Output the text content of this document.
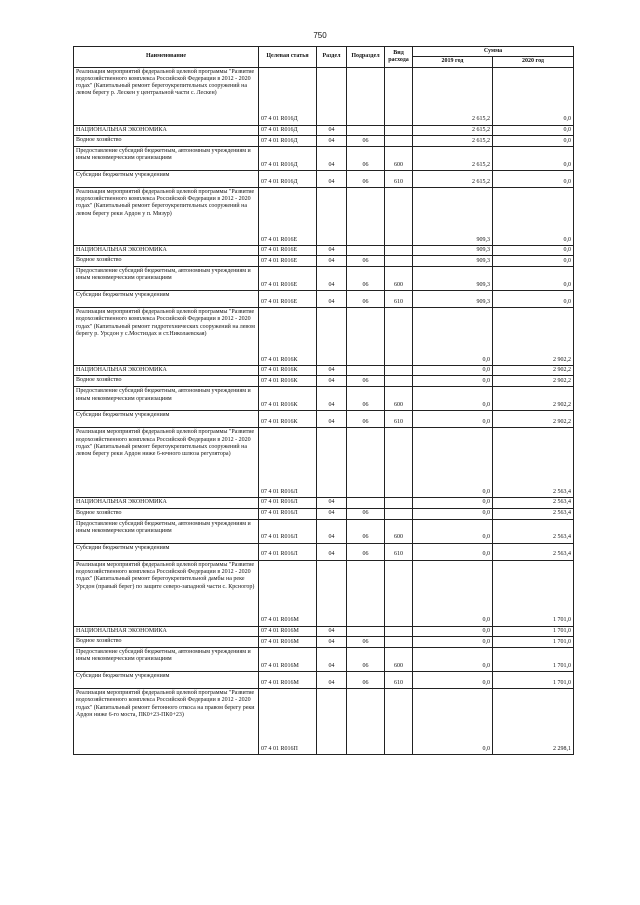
750
Наименование	Целевая статья	Раздел	Подраздел	Вид расхода	Сумма	
					2019 год	2020 год
Реализация мероприятий федеральной целевой программы "Развитие водохозяйственного комплекса Российской Федерации в 2012 - 2020 годах" (Капитальный ремонт берегоукрепительных сооружений на левом берегу р. Лескен у центральной части с. Лескен)	07 4 01 R016Д				2 615,2	0,0
НАЦИОНАЛЬНАЯ ЭКОНОМИКА	07 4 01 R016Д	04			2 615,2	0,0
Водное хозяйство	07 4 01 R016Д	04	06		2 615,2	0,0
Предоставление субсидий бюджетным, автономным учреждениям и иным некоммерческим организациям	07 4 01 R016Д	04	06	600	2 615,2	0,0
Субсидии бюджетным учреждениям	07 4 01 R016Д	04	06	610	2 615,2	0,0
Реализация мероприятий федеральной целевой программы "Развитие водохозяйственного комплекса Российской Федерации в 2012 - 2020 годах" (Капитальный ремонт берегоукрепительных сооружений на левом берегу реки Ардон у п. Мизур)	07 4 01 R016Е				909,3	0,0
НАЦИОНАЛЬНАЯ ЭКОНОМИКА	07 4 01 R016Е	04			909,3	0,0
Водное хозяйство	07 4 01 R016Е	04	06		909,3	0,0
Предоставление субсидий бюджетным, автономным учреждениям и иным некоммерческим организациям	07 4 01 R016Е	04	06	600	909,3	0,0
Субсидии бюджетным учреждениям	07 4 01 R016Е	04	06	610	909,3	0,0
Реализация мероприятий федеральной целевой программы "Развитие водохозяйственного комплекса Российской Федерации в 2012 - 2020 годах" (Капитальный ремонт гидротехнических сооружений на левом берегу р. Урсдон у с.Мостиздах и ст.Николаевская)	07 4 01 R016К				0,0	2 902,2
НАЦИОНАЛЬНАЯ ЭКОНОМИКА	07 4 01 R016К	04			0,0	2 902,2
Водное хозяйство	07 4 01 R016К	04	06		0,0	2 902,2
Предоставление субсидий бюджетным, автономным учреждениям и иным некоммерческим организациям	07 4 01 R016К	04	06	600	0,0	2 902,2
Субсидии бюджетным учреждениям	07 4 01 R016К	04	06	610	0,0	2 902,2
Реализация мероприятий федеральной целевой программы "Развитие водохозяйственного комплекса Российской Федерации в 2012 - 2020 годах" (Капитальный ремонт берегоукрепительных сооружений на левом берегу реки Ардон ниже 6-ючного шлюза регулятора)	07 4 01 R016Л				0,0	2 563,4
НАЦИОНАЛЬНАЯ ЭКОНОМИКА	07 4 01 R016Л	04			0,0	2 563,4
Водное хозяйство	07 4 01 R016Л	04	06		0,0	2 563,4
Предоставление субсидий бюджетным, автономным учреждениям и иным некоммерческим организациям	07 4 01 R016Л	04	06	600	0,0	2 563,4
Субсидии бюджетным учреждениям	07 4 01 R016Л	04	06	610	0,0	2 563,4
Реализация мероприятий федеральной целевой программы "Развитие водохозяйственного комплекса Российской Федерации в 2012 - 2020 годах" (Капитальный ремонт берегоукрепительной дамбы на реке Урсдон (правый берег) по защите северо-западной части с. Крсногор)	07 4 01 R016М				0,0	1 701,0
НАЦИОНАЛЬНАЯ ЭКОНОМИКА	07 4 01 R016М	04			0,0	1 701,0
Водное хозяйство	07 4 01 R016М	04	06		0,0	1 701,0
Предоставление субсидий бюджетным, автономным учреждениям и иным некоммерческим организациям	07 4 01 R016М	04	06	600	0,0	1 701,0
Субсидии бюджетным учреждениям	07 4 01 R016М	04	06	610	0,0	1 701,0
Реализация мероприятий федеральной целевой программы "Развитие водохозяйственного комплекса Российской Федерации в 2012 - 2020 годах" (Капитальный ремонт бетонного откоса на правом берегу реки Ардон ниже 6-го моста, ПК0+23-ПК0+23)	07 4 01 R016П				0,0	2 298,1
